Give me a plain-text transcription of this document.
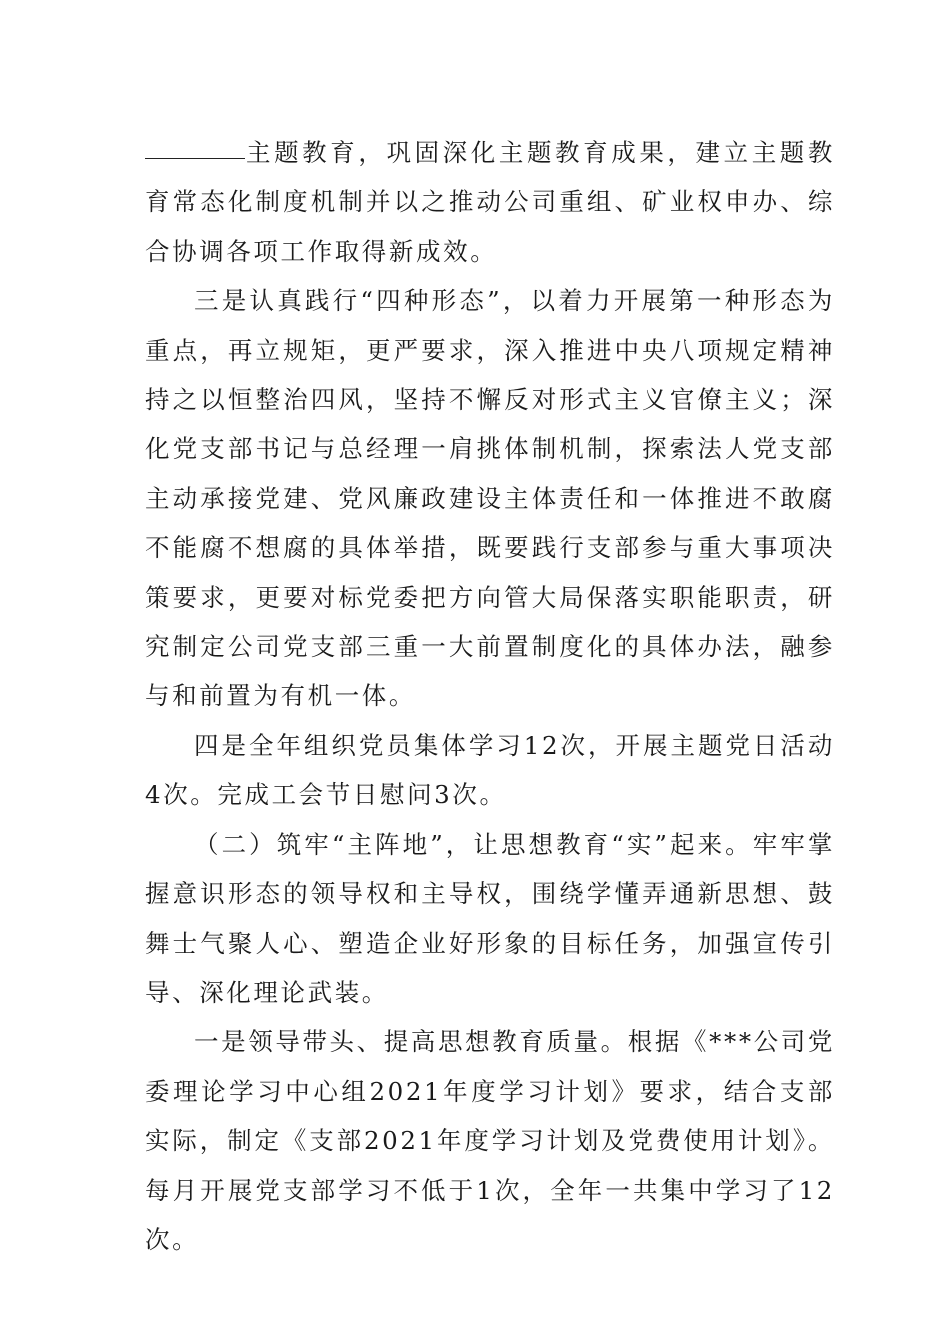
主题教育，巩固深化主题教育成果，建立主题教育常态化制度机制并以之推动公司重组、矿业权申办、综合协调各项工作取得新成效。

三是认真践行“四种形态”，以着力开展第一种形态为重点，再立规矩，更严要求，深入推进中央八项规定精神持之以恒整治四风，坚持不懈反对形式主义官僚主义；深化党支部书记与总经理一肩挑体制机制，探索法人党支部主动承接党建、党风廉政建设主体责任和一体推进不敢腐不能腐不想腐的具体举措，既要践行支部参与重大事项决策要求，更要对标党委把方向管大局保落实职能职责，研究制定公司党支部三重一大前置制度化的具体办法，融参与和前置为有机一体。

四是全年组织党员集体学习12次，开展主题党日活动4次。完成工会节日慰问3次。

（二）筑牢“主阵地”，让思想教育“实”起来。牢牢掌握意识形态的领导权和主导权，围绕学懂弄通新思想、鼓舞士气聚人心、塑造企业好形象的目标任务，加强宣传引导、深化理论武装。

一是领导带头、提高思想教育质量。根据《***公司党委理论学习中心组2021年度学习计划》要求，结合支部实际，制定《支部2021年度学习计划及党费使用计划》。每月开展党支部学习不低于1次，全年一共集中学习了12次。
